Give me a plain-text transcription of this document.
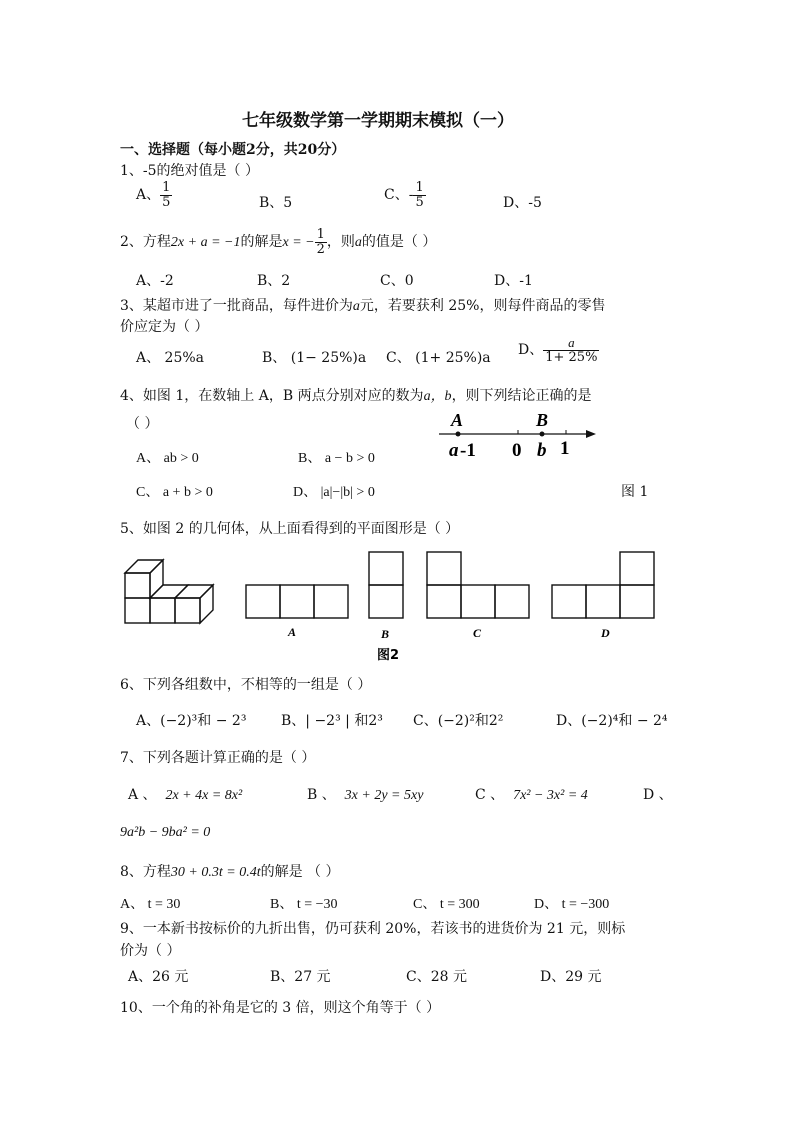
七年级数学第一学期期末模拟（一）
一、选择题（每小题2分，共20分）
1、-5的绝对值是（ ）
A、 $\frac{1}{5}$	B、5	C、- $\frac{1}{5}$	D、-5
2、方程2x + a = −1的解是x = − $\frac{1}{2}$ ，则a的值是（ ）
A、-2	B、2	C、0	D、-1
3、某超市进了一批商品，每件进价为a元，若要获利 25%，则每件商品的零售
价应定为（ ）
A、 25%a	B、 (1− 25%)a C、 (1+ 25%)a D、 $\frac{a}{1+ 25\%}$
4、如图 1，在数轴上 A，B 两点分别对应的数为a，b，则下列结论正确的是
（ ）
A、 ab > 0	B、 a − b > 0
C、 a + b > 0	D、 |a|−|b| > 0	图 1
A	B
a -1 0 b 1
5、如图 2 的几何体，从上面看得到的平面图形是（ ）
A	B	C	D
图2
6、下列各组数中，不相等的一组是（ ）
A、(−2)³和 − 2³ B、| −2³ | 和2³ C、(−2)²和2²	D、(−2)⁴和 − 2⁴
7、下列各题计算正确的是（ ）
A 、 2x + 4x = 8x²	B 、 3x + 2y = 5xy	C 、 7x² − 3x² = 4	D 、
9a²b − 9ba² = 0
8、方程30 + 0.3t = 0.4t的解是 （ ）
A、 t = 30	B、 t = −30	C、 t = 300	D、 t = −300
9、一本新书按标价的九折出售，仍可获利 20%，若该书的进货价为 21 元，则标
价为（ ）
A、26 元	B、27 元	C、28 元	D、29 元
10、一个角的补角是它的 3 倍，则这个角等于（ ）
